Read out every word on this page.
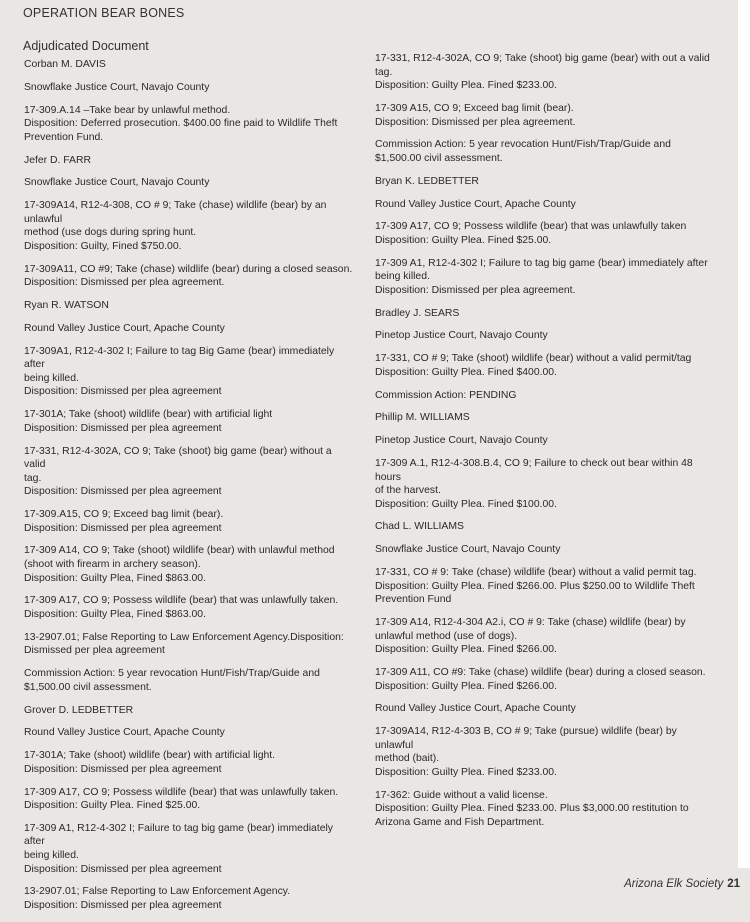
OPERATION BEAR BONES
Adjudicated Document

Corban M. DAVIS

Snowflake Justice Court, Navajo County

17-309.A.14 –Take bear by unlawful method.
Disposition: Deferred prosecution. $400.00 fine paid to Wildlife Theft
Prevention Fund.

Jefer D. FARR

Snowflake Justice Court, Navajo County

17-309A14, R12-4-308, CO # 9; Take (chase) wildlife (bear) by an unlawful
method (use dogs during spring hunt.
Disposition: Guilty, Fined $750.00.

17-309A11, CO #9; Take (chase) wildlife (bear) during a closed season.
Disposition: Dismissed per plea agreement.

Ryan R. WATSON

Round Valley Justice Court, Apache County

17-309A1, R12-4-302 I; Failure to tag Big Game (bear) immediately after
being killed.
Disposition: Dismissed per plea agreement

17-301A; Take (shoot) wildlife (bear) with artificial light
Disposition: Dismissed per plea agreement

17-331, R12-4-302A, CO 9; Take (shoot) big game (bear) without a valid
tag.
Disposition: Dismissed per plea agreement

17-309.A15, CO 9; Exceed bag limit (bear).
Disposition: Dismissed per plea agreement

17-309 A14, CO 9; Take (shoot) wildlife (bear) with unlawful method
(shoot with firearm in archery season).
Disposition: Guilty Plea, Fined $863.00.

17-309 A17, CO 9; Possess wildlife (bear) that was unlawfully taken.
Disposition: Guilty Plea, Fined $863.00.

13-2907.01; False Reporting to Law Enforcement Agency.Disposition:
Dismissed per plea agreement

Commission Action: 5 year revocation Hunt/Fish/Trap/Guide and
$1,500.00 civil assessment.

Grover D. LEDBETTER

Round Valley Justice Court, Apache County

17-301A; Take (shoot) wildlife (bear) with artificial light.
Disposition: Dismissed per plea agreement

17-309 A17, CO 9; Possess wildlife (bear) that was unlawfully taken.
Disposition: Guilty Plea. Fined $25.00.

17-309 A1, R12-4-302 I; Failure to tag big game (bear) immediately after
being killed.
Disposition: Dismissed per plea agreement

13-2907.01; False Reporting to Law Enforcement Agency.
Disposition: Dismissed per plea agreement

17-331, R12-4-302A, CO 9; Take (shoot) big game (bear) with out a valid
tag.
Disposition: Guilty Plea. Fined $233.00.

17-309 A15, CO 9; Exceed bag limit (bear).
Disposition: Dismissed per plea agreement.

Commission Action: 5 year revocation Hunt/Fish/Trap/Guide and
$1,500.00 civil assessment.

Bryan K. LEDBETTER

Round Valley Justice Court, Apache County

17-309 A17, CO 9; Possess wildlife (bear) that was unlawfully taken
Disposition: Guilty Plea. Fined $25.00.

17-309 A1, R12-4-302 I; Failure to tag big game (bear) immediately after
being killed.
Disposition: Dismissed per plea agreement.

Bradley J. SEARS

Pinetop Justice Court, Navajo County

17-331, CO # 9; Take (shoot) wildlife (bear) without a valid permit/tag
Disposition: Guilty Plea. Fined $400.00.

Commission Action: PENDING

Phillip M. WILLIAMS

Pinetop Justice Court, Navajo County

17-309 A.1, R12-4-308.B.4, CO 9; Failure to check out bear within 48 hours
of the harvest.
Disposition: Guilty Plea. Fined $100.00.

Chad L. WILLIAMS

Snowflake Justice Court, Navajo County

17-331, CO # 9: Take (chase) wildlife (bear) without a valid permit tag.
Disposition: Guilty Plea. Fined $266.00. Plus $250.00 to Wildlife Theft
Prevention Fund

17-309 A14, R12-4-304 A2.i, CO # 9: Take (chase) wildlife (bear) by
unlawful method (use of dogs).
Disposition: Guilty Plea. Fined $266.00.

17-309 A11, CO #9: Take (chase) wildlife (bear) during a closed season.
Disposition: Guilty Plea. Fined $266.00.

Round Valley Justice Court, Apache County

17-309A14, R12-4-303 B, CO # 9; Take (pursue) wildlife (bear) by unlawful
method (bait).
Disposition: Guilty Plea. Fined $233.00.

17-362: Guide without a valid license.
Disposition: Guilty Plea. Fined $233.00. Plus $3,000.00 restitution to
Arizona Game and Fish Department.

Arizona Elk Society 21
